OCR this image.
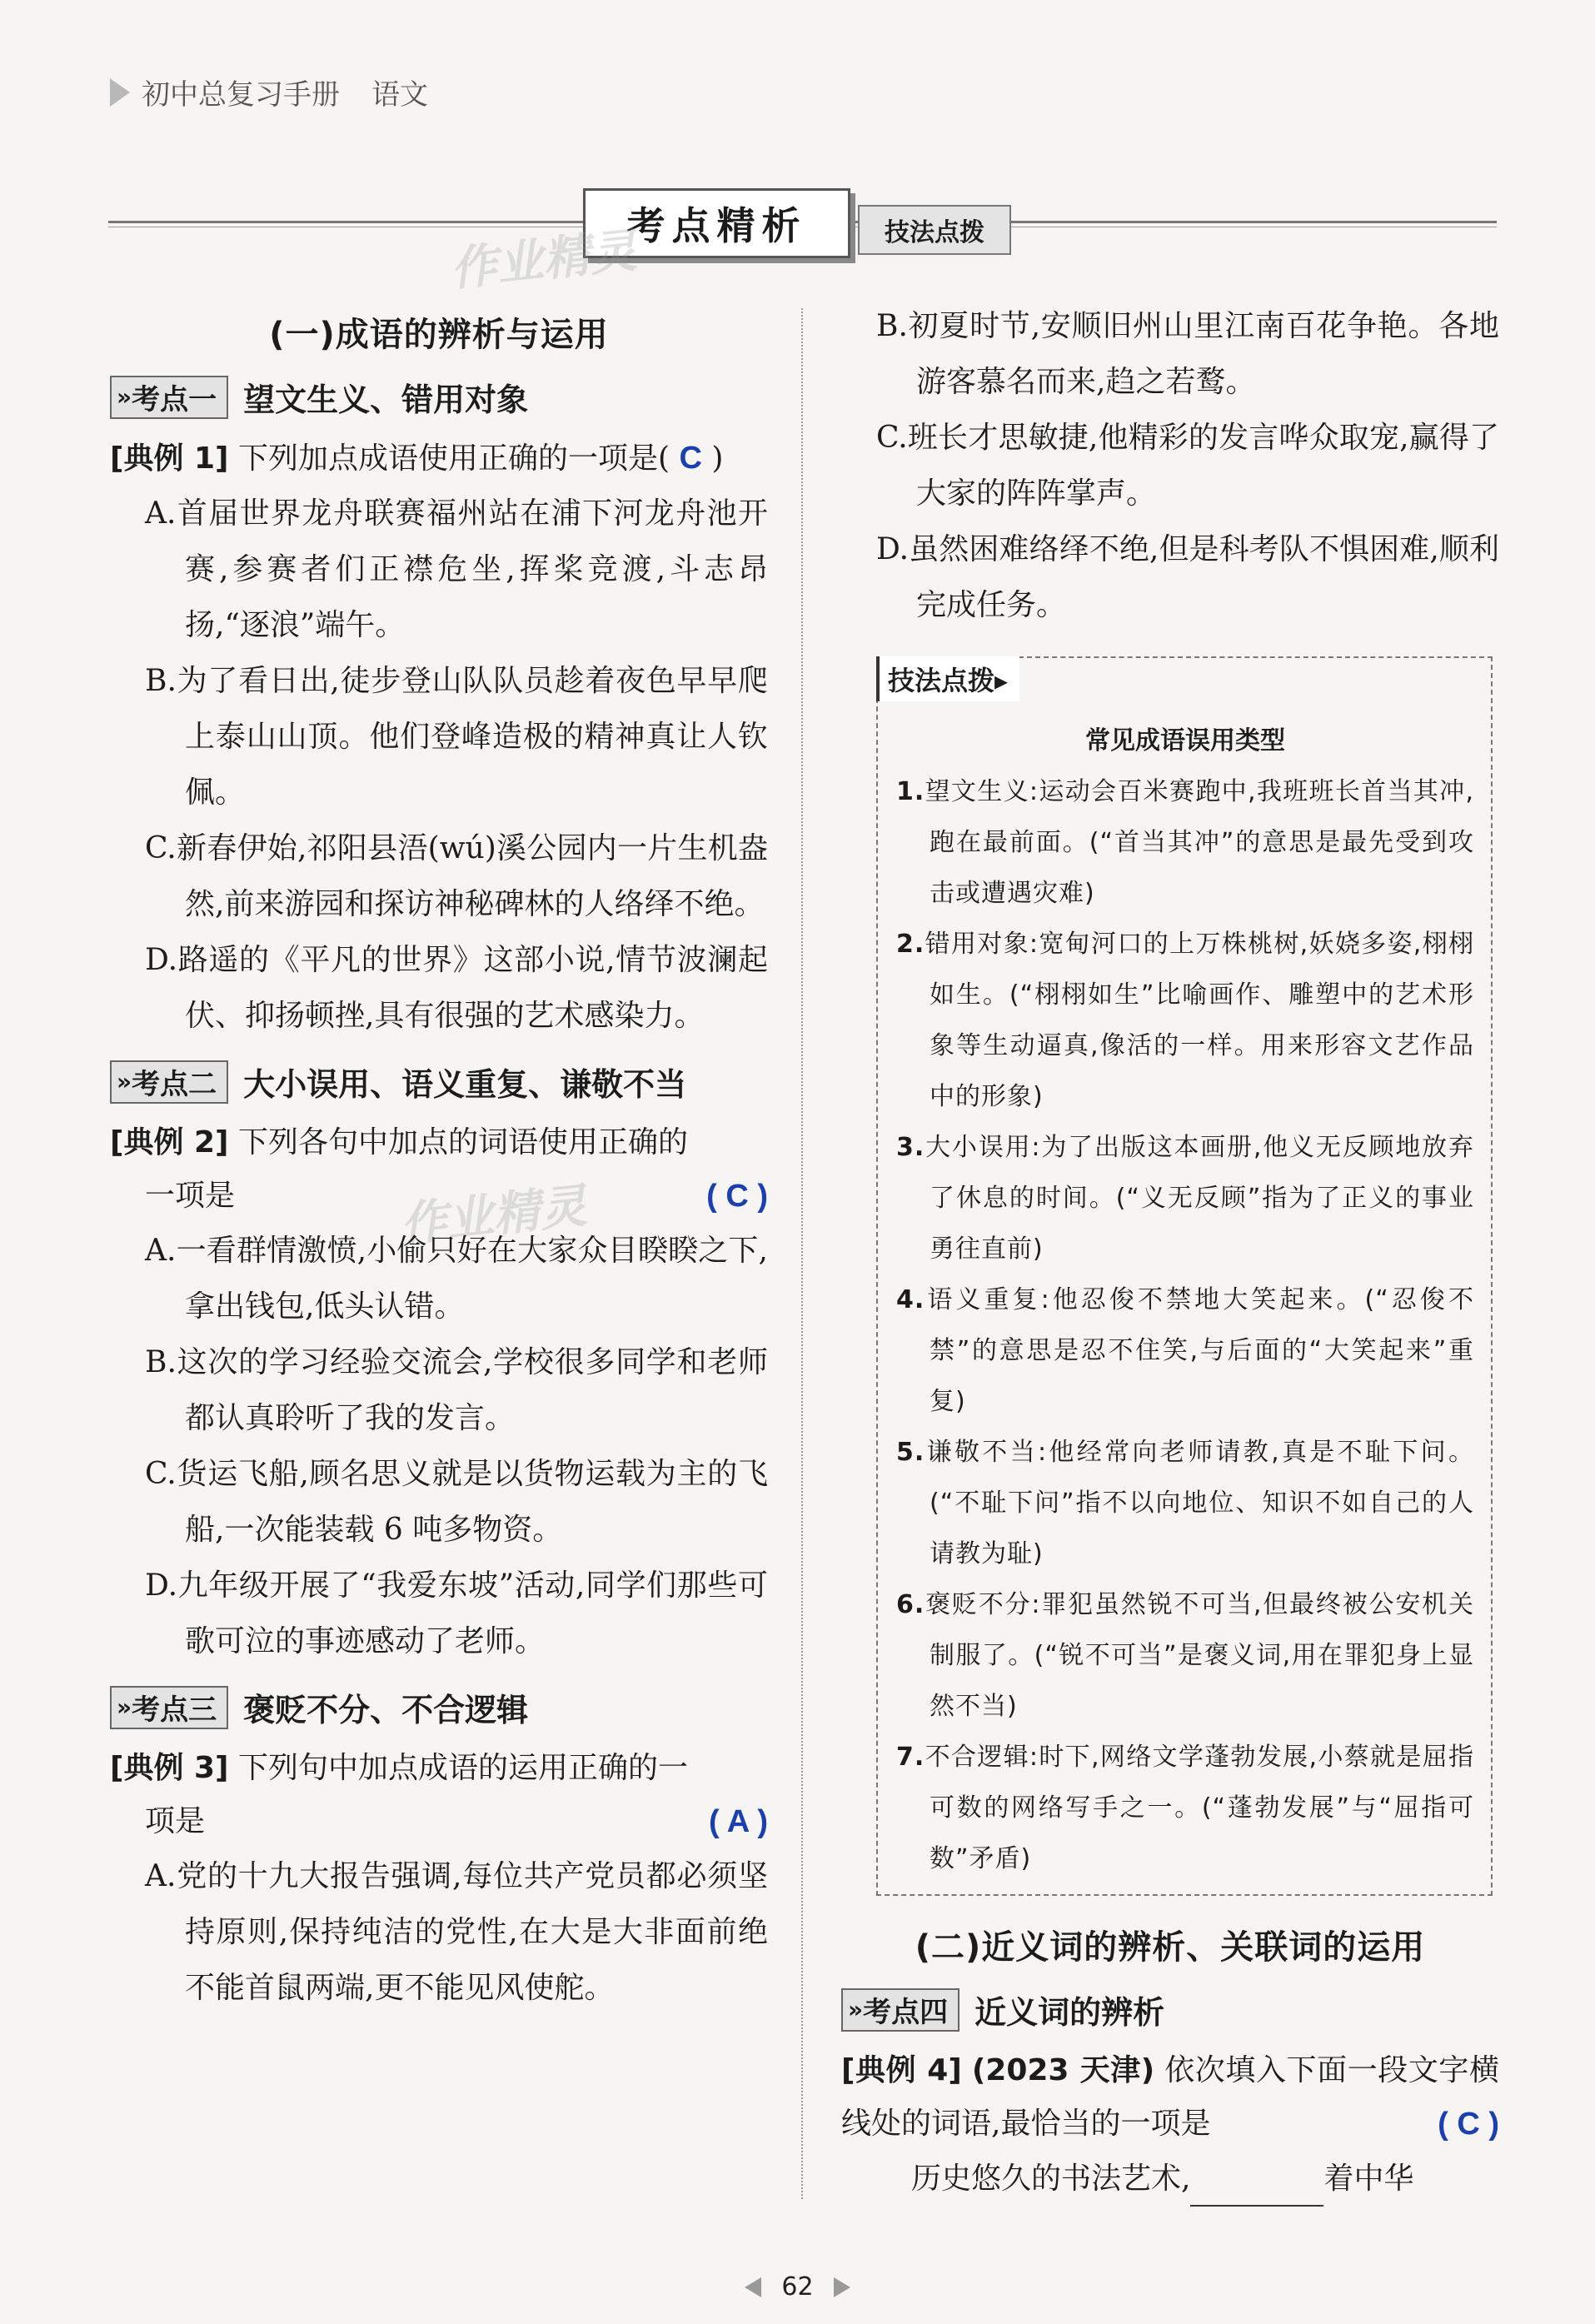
初中总复习手册 语文
考点精析	技法点拨
作业精灵
作业精灵
(一)成语的辨析与运用
» 考点一 望文生义、错用对象
[典例 1] 下列加点成语使用正确的一项是( C )
A.首届世界龙舟联赛福州站在浦下河龙舟池开赛,参赛者们正襟危坐,挥桨竞渡,斗志昂扬,“逐浪”端午。
B.为了看日出,徒步登山队队员趁着夜色早早爬上泰山山顶。他们登峰造极的精神真让人钦佩。
C.新春伊始,祁阳县浯(wú)溪公园内一片生机盎然,前来游园和探访神秘碑林的人络绎不绝。
D.路遥的《平凡的世界》这部小说,情节波澜起伏、抑扬顿挫,具有很强的艺术感染力。
» 考点二 大小误用、语义重复、谦敬不当
[典例 2] 下列各句中加点的词语使用正确的
一项是	( C )
A.一看群情激愤,小偷只好在大家众目睽睽之下,拿出钱包,低头认错。
B.这次的学习经验交流会,学校很多同学和老师都认真聆听了我的发言。
C.货运飞船,顾名思义就是以货物运载为主的飞船,一次能装载 6 吨多物资。
D.九年级开展了“我爱东坡”活动,同学们那些可歌可泣的事迹感动了老师。
» 考点三 褒贬不分、不合逻辑
[典例 3] 下列句中加点成语的运用正确的一
项是	( A )
A.党的十九大报告强调,每位共产党员都必须坚持原则,保持纯洁的党性,在大是大非面前绝不能首鼠两端,更不能见风使舵。
B.初夏时节,安顺旧州山里江南百花争艳。各地游客慕名而来,趋之若鹜。
C.班长才思敏捷,他精彩的发言哗众取宠,赢得了大家的阵阵掌声。
D.虽然困难络绎不绝,但是科考队不惧困难,顺利完成任务。
技法点拨▸
常见成语误用类型
1.望文生义:运动会百米赛跑中,我班班长首当其冲,跑在最前面。(“首当其冲”的意思是最先受到攻击或遭遇灾难)
2.错用对象:宽甸河口的上万株桃树,妖娆多姿,栩栩如生。(“栩栩如生”比喻画作、雕塑中的艺术形象等生动逼真,像活的一样。用来形容文艺作品中的形象)
3.大小误用:为了出版这本画册,他义无反顾地放弃了休息的时间。(“义无反顾”指为了正义的事业勇往直前)
4.语义重复:他忍俊不禁地大笑起来。(“忍俊不禁”的意思是忍不住笑,与后面的“大笑起来”重复)
5.谦敬不当:他经常向老师请教,真是不耻下问。(“不耻下问”指不以向地位、知识不如自己的人请教为耻)
6.褒贬不分:罪犯虽然锐不可当,但最终被公安机关制服了。(“锐不可当”是褒义词,用在罪犯身上显然不当)
7.不合逻辑:时下,网络文学蓬勃发展,小蔡就是屈指可数的网络写手之一。(“蓬勃发展”与“屈指可数”矛盾)
(二)近义词的辨析、关联词的运用
» 考点四 近义词的辨析
[典例 4] (2023 天津) 依次填入下面一段文字横线处的词语,最恰当的一项是	( C )
历史悠久的书法艺术,	着中华
62
